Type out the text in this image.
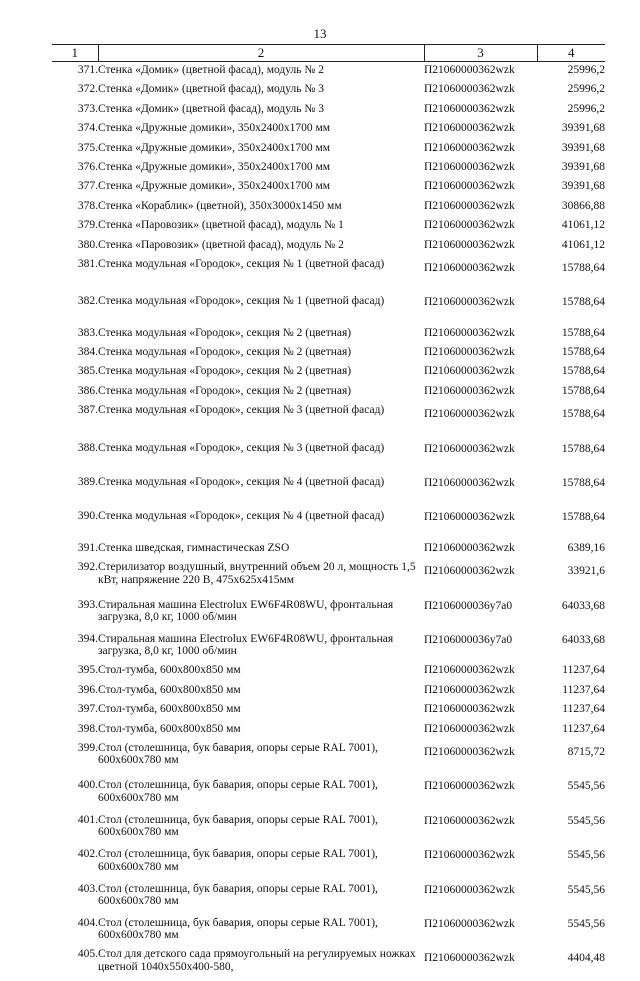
13
1	2	3	4
371.	Стенка «Домик» (цветной фасад), модуль № 2	П21060000362wzk	25996,2
372.	Стенка «Домик» (цветной фасад), модуль № 3	П21060000362wzk	25996,2
373.	Стенка «Домик» (цветной фасад), модуль № 3	П21060000362wzk	25996,2
374.	Стенка «Дружные домики», 350x2400x1700 мм	П21060000362wzk	39391,68
375.	Стенка «Дружные домики», 350x2400x1700 мм	П21060000362wzk	39391,68
376.	Стенка «Дружные домики», 350x2400x1700 мм	П21060000362wzk	39391,68
377.	Стенка «Дружные домики», 350x2400x1700 мм	П21060000362wzk	39391,68
378.	Стенка «Кораблик» (цветной), 350x3000x1450 мм	П21060000362wzk	30866,88
379.	Стенка «Паровозик» (цветной фасад), модуль № 1	П21060000362wzk	41061,12
380.	Стенка «Паровозик» (цветной фасад), модуль № 2	П21060000362wzk	41061,12
381.	Стенка модульная «Городок», секция № 1 (цветной фасад)	П21060000362wzk	15788,64
382.	Стенка модульная «Городок», секция № 1 (цветной фасад)	П21060000362wzk	15788,64
383.	Стенка модульная «Городок», секция № 2 (цветная)	П21060000362wzk	15788,64
384.	Стенка модульная «Городок», секция № 2 (цветная)	П21060000362wzk	15788,64
385.	Стенка модульная «Городок», секция № 2 (цветная)	П21060000362wzk	15788,64
386.	Стенка модульная «Городок», секция № 2 (цветная)	П21060000362wzk	15788,64
387.	Стенка модульная «Городок», секция № 3 (цветной фасад)	П21060000362wzk	15788,64
388.	Стенка модульная «Городок», секция № 3 (цветной фасад)	П21060000362wzk	15788,64
389.	Стенка модульная «Городок», секция № 4 (цветной фасад)	П21060000362wzk	15788,64
390.	Стенка модульная «Городок», секция № 4 (цветной фасад)	П21060000362wzk	15788,64
391.	Стенка шведская, гимнастическая ZSO	П21060000362wzk	6389,16
392.	Стерилизатор воздушный, внутренний объем 20 л, мощность 1,5 кВт, напряжение 220 В, 475x625x415мм	П21060000362wzk	33921,6
393.	Стиральная машина Electrolux EW6F4R08WU, фронтальная загрузка, 8,0 кг, 1000 об/мин	П2106000036у7а0	64033,68
394.	Стиральная машина Electrolux EW6F4R08WU, фронтальная загрузка, 8,0 кг, 1000 об/мин	П2106000036у7а0	64033,68
395.	Стол-тумба, 600x800x850 мм	П21060000362wzk	11237,64
396.	Стол-тумба, 600x800x850 мм	П21060000362wzk	11237,64
397.	Стол-тумба, 600x800x850 мм	П21060000362wzk	11237,64
398.	Стол-тумба, 600x800x850 мм	П21060000362wzk	11237,64
399.	Стол (столешница, бук бавария, опоры серые RAL 7001), 600x600x780 мм	П21060000362wzk	8715,72
400.	Стол (столешница, бук бавария, опоры серые RAL 7001), 600x600x780 мм	П21060000362wzk	5545,56
401.	Стол (столешница, бук бавария, опоры серые RAL 7001), 600x600x780 мм	П21060000362wzk	5545,56
402.	Стол (столешница, бук бавария, опоры серые RAL 7001), 600x600x780 мм	П21060000362wzk	5545,56
403.	Стол (столешница, бук бавария, опоры серые RAL 7001), 600x600x780 мм	П21060000362wzk	5545,56
404.	Стол (столешница, бук бавария, опоры серые RAL 7001), 600x600x780 мм	П21060000362wzk	5545,56
405.	Стол для детского сада прямоугольный на регулируемых ножках цветной 1040x550x400-580,	П21060000362wzk	4404,48
